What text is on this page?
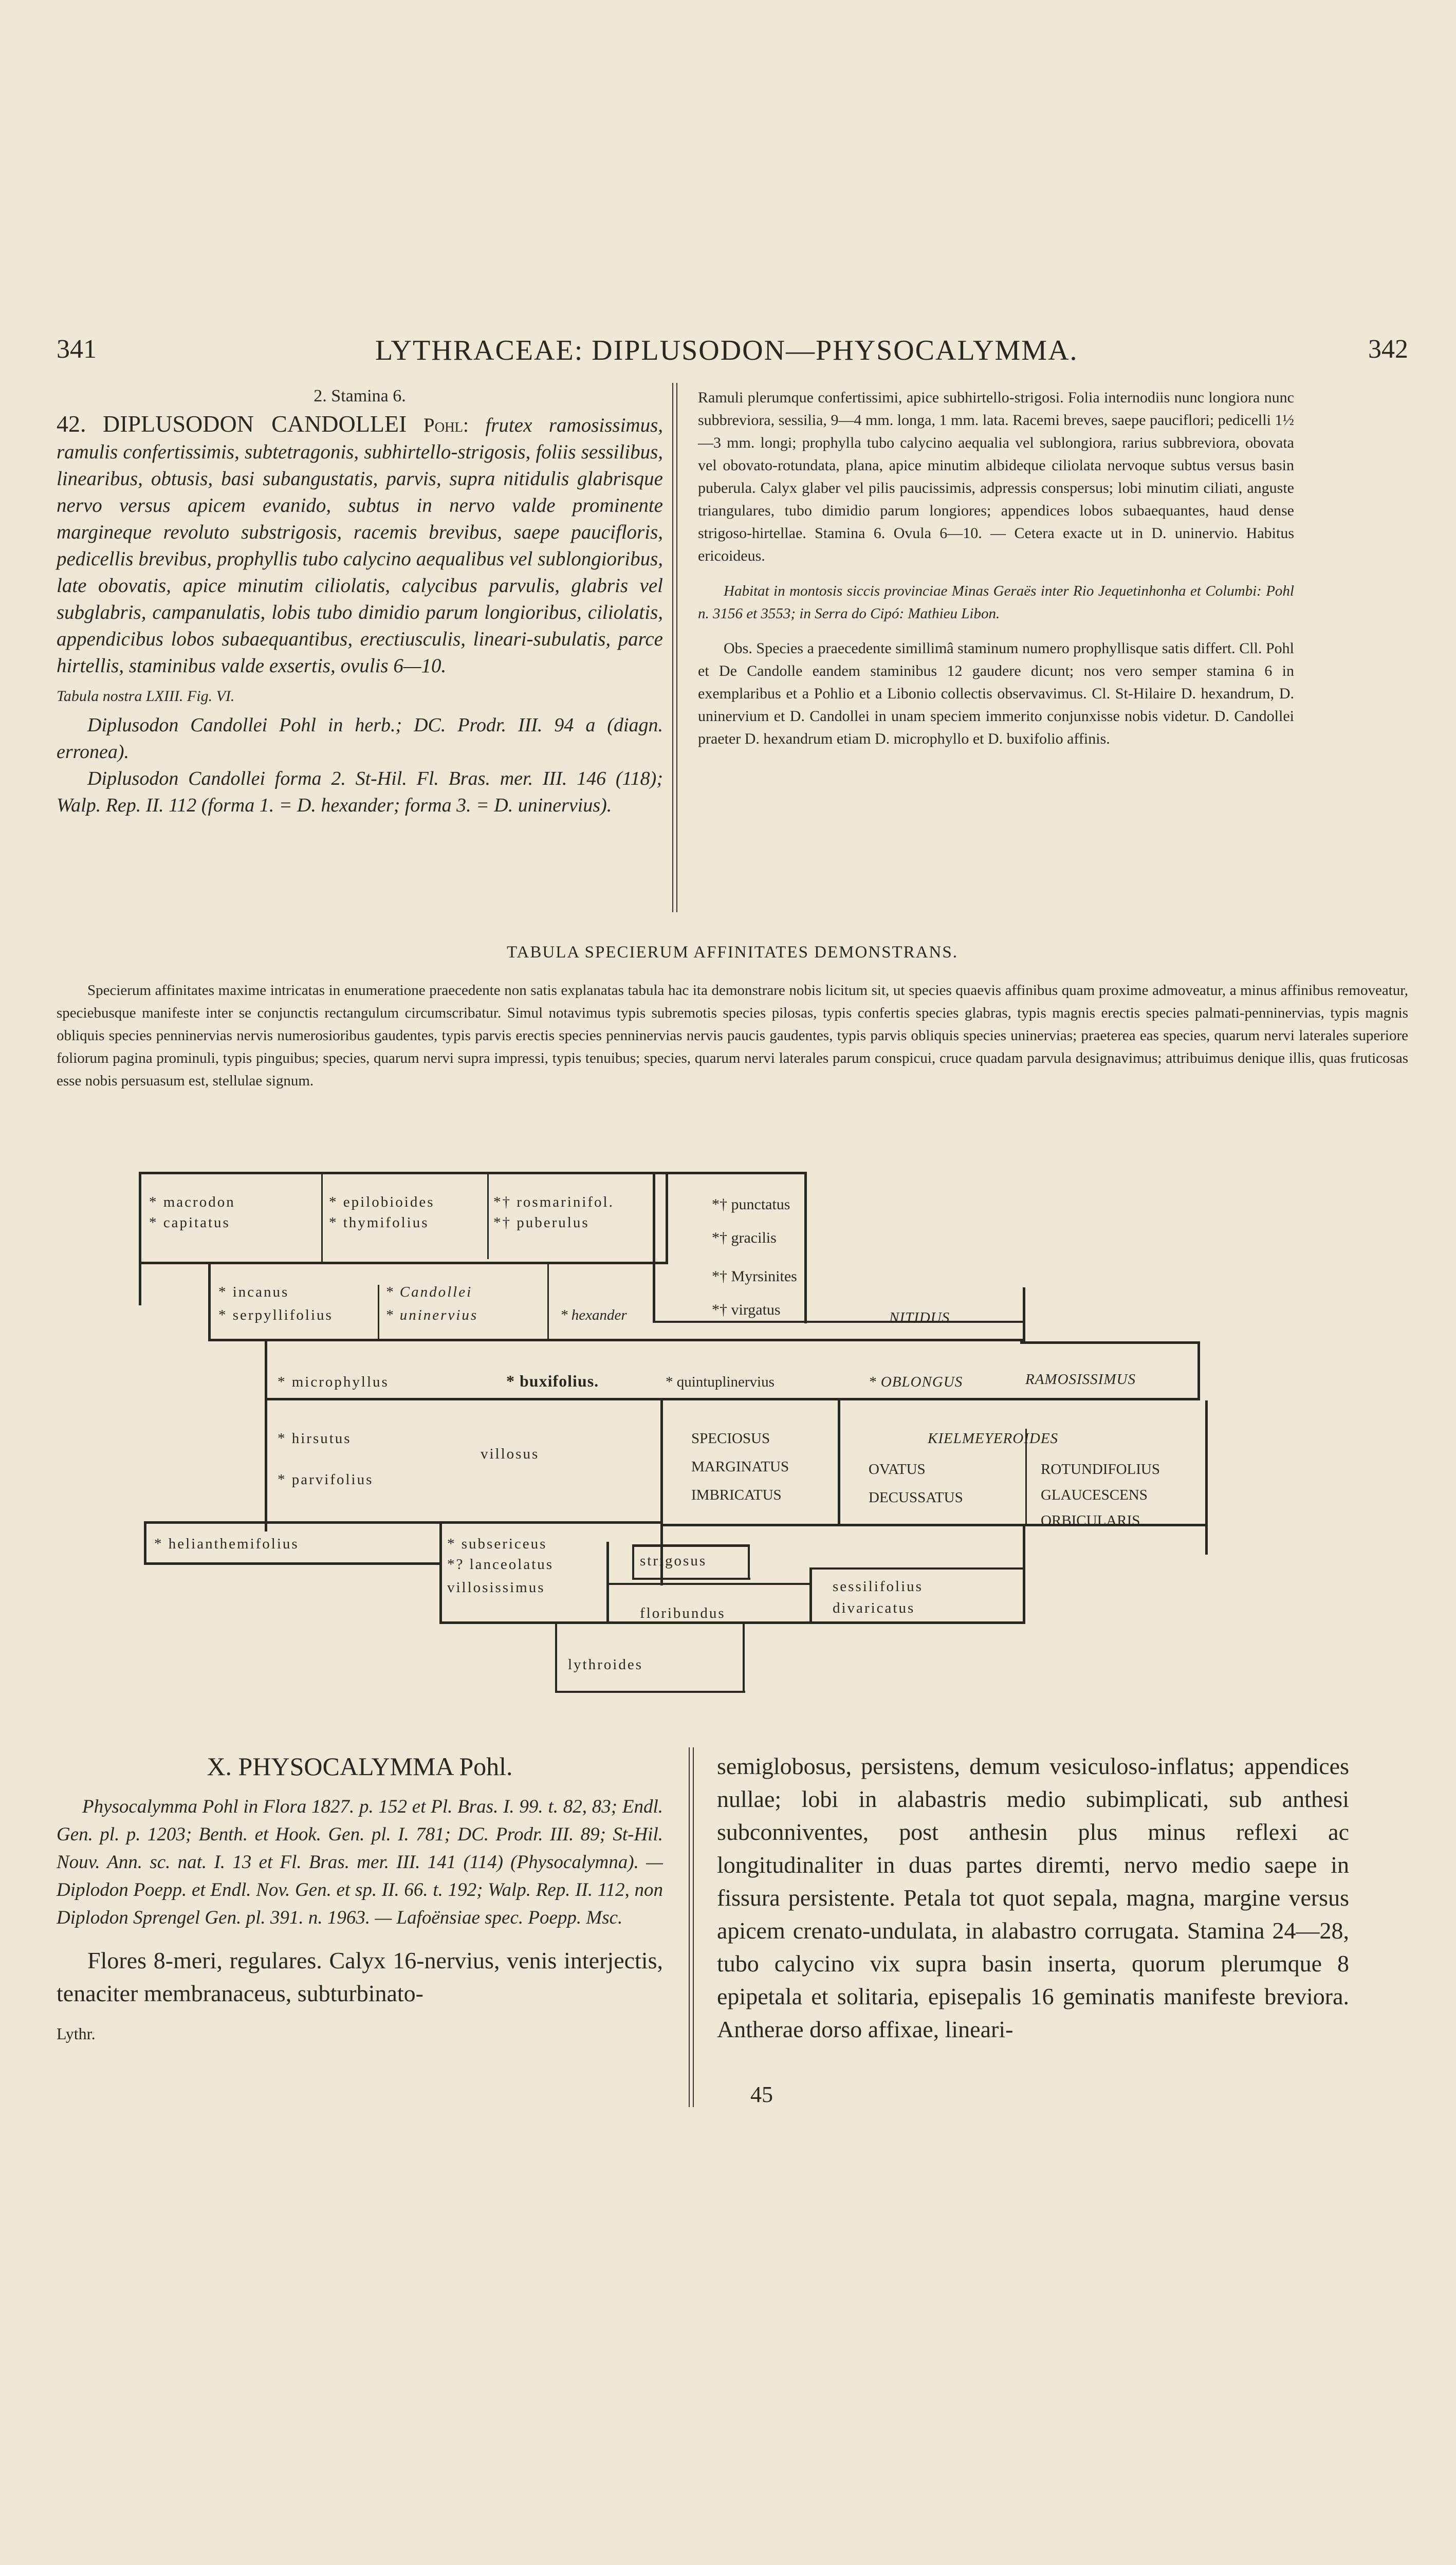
341	LYTHRACEAE: DIPLUSODON—PHYSOCALYMMA.	342

2. Stamina 6.

42. DIPLUSODON CANDOLLEI Pohl: frutex ramosissimus, ramulis confertissimis, subtetragonis, subhirtello-strigosis, foliis sessilibus, linearibus, obtusis, basi subangustatis, parvis, supra nitidulis glabrisque nervo versus apicem evanido, subtus in nervo valde prominente margineque revoluto substrigosis, racemis brevibus, saepe paucifloris, pedicellis brevibus, prophyllis tubo calycino aequalibus vel sublongioribus, late obovatis, apice minutim ciliolatis, calycibus parvulis, glabris vel subglabris, campanulatis, lobis tubo dimidio parum longioribus, ciliolatis, appendicibus lobos subaequantibus, erectiusculis, lineari-subulatis, parce hirtellis, staminibus valde exsertis, ovulis 6—10.

Tabula nostra LXIII. Fig. VI.

Diplusodon Candollei Pohl in herb.; DC. Prodr. III. 94 a (diagn. erronea).

Diplusodon Candollei forma 2. St-Hil. Fl. Bras. mer. III. 146 (118); Walp. Rep. II. 112 (forma 1. = D. hexander; forma 3. = D. uninervius).

Ramuli plerumque confertissimi, apice subhirtello-strigosi. Folia internodiis nunc longiora nunc subbreviora, sessilia, 9—4 mm. longa, 1 mm. lata. Racemi breves, saepe pauciflori; pedicelli 1½—3 mm. longi; prophylla tubo calycino aequalia vel sublongiora, rarius subbreviora, obovata vel obovato-rotundata, plana, apice minutim albideque ciliolata nervoque subtus versus basin puberula. Calyx glaber vel pilis paucissimis, adpressis conspersus; lobi minutim ciliati, anguste triangulares, tubo dimidio parum longiores; appendices lobos subaequantes, haud dense strigoso-hirtellae. Stamina 6. Ovula 6—10. — Cetera exacte ut in D. uninervio. Habitus ericoideus.

Habitat in montosis siccis provinciae Minas Geraës inter Rio Jequetinhonha et Columbi: Pohl n. 3156 et 3553; in Serra do Cipó: Mathieu Libon.

Obs. Species a praecedente simillimâ staminum numero prophyllisque satis differt. Cll. Pohl et De Candolle eandem staminibus 12 gaudere dicunt; nos vero semper stamina 6 in exemplaribus et a Pohlio et a Libonio collectis observavimus. Cl. St-Hilaire D. hexandrum, D. uninervium et D. Candollei in unam speciem immerito conjunxisse nobis videtur. D. Candollei praeter D. hexandrum etiam D. microphyllo et D. buxifolio affinis.

TABULA SPECIERUM AFFINITATES DEMONSTRANS.
Specierum affinitates maxime intricatas in enumeratione praecedente non satis explanatas tabula hac ita demonstrare nobis licitum sit, ut species quaevis affinibus quam proxime admoveatur, a minus affinibus removeatur, speciebusque manifeste inter se conjunctis rectangulum circumscribatur. Simul notavimus typis subremotis species pilosas, typis confertis species glabras, typis magnis erectis species palmati-penninervias, typis magnis obliquis species penninervias nervis numerosioribus gaudentes, typis parvis erectis species penninervias nervis paucis gaudentes, typis parvis obliquis species uninervias; praeterea eas species, quarum nervi laterales superiore foliorum pagina prominuli, typis pinguibus; species, quarum nervi supra impressi, typis tenuibus; species, quarum nervi laterales parum conspicui, cruce quadam parvula designavimus; attribuimus denique illis, quas fruticosas esse nobis persuasum est, stellulae signum.
* macrodon
* capitatus
* epilobioides
* thymifolius
*† rosmarinifol.
*† puberulus
*† punctatus
*† gracilis
*† Myrsinites
*† virgatus
* incanus
* serpyllifolius
* Candollei
* uninervius	* hexander	NITIDUS
RAMOSISSIMUS
* microphyllus	* buxifolius.	* quintuplinervius	* OBLONGUS
* hirsutus
* parvifolius
villosus
SPECIOSUS
MARGINATUS
IMBRICATUS
KIELMEYEROIDES
OVATUS
DECUSSATUS
ROTUNDIFOLIUS
GLAUCESCENS
ORBICULARIS
* helianthemifolius	* subsericeus
*? lanceolatus
villosissimus
strigosus
floribundus
sessilifolius
divaricatus
lythroides

X. PHYSOCALYMMA Pohl.

Physocalymma Pohl in Flora 1827. p. 152 et Pl. Bras. I. 99. t. 82, 83; Endl. Gen. pl. p. 1203; Benth. et Hook. Gen. pl. I. 781; DC. Prodr. III. 89; St-Hil. Nouv. Ann. sc. nat. I. 13 et Fl. Bras. mer. III. 141 (114) (Physocalymna). — Diplodon Poepp. et Endl. Nov. Gen. et sp. II. 66. t. 192; Walp. Rep. II. 112, non Diplodon Sprengel Gen. pl. 391. n. 1963. — Lafoënsiae spec. Poepp. Msc.

Flores 8-meri, regulares. Calyx 16-nervius, venis interjectis, tenaciter membranaceus, subturbinato-

Lythr.

semiglobosus, persistens, demum vesiculoso-inflatus; appendices nullae; lobi in alabastris medio subimplicati, sub anthesi subconniventes, post anthesin plus minus reflexi ac longitudinaliter in duas partes diremti, nervo medio saepe in fissura persistente. Petala tot quot sepala, magna, margine versus apicem crenato-undulata, in alabastro corrugata. Stamina 24—28, tubo calycino vix supra basin inserta, quorum plerumque 8 epipetala et solitaria, episepalis 16 geminatis manifeste breviora. Antherae dorso affixae, lineari-

45
